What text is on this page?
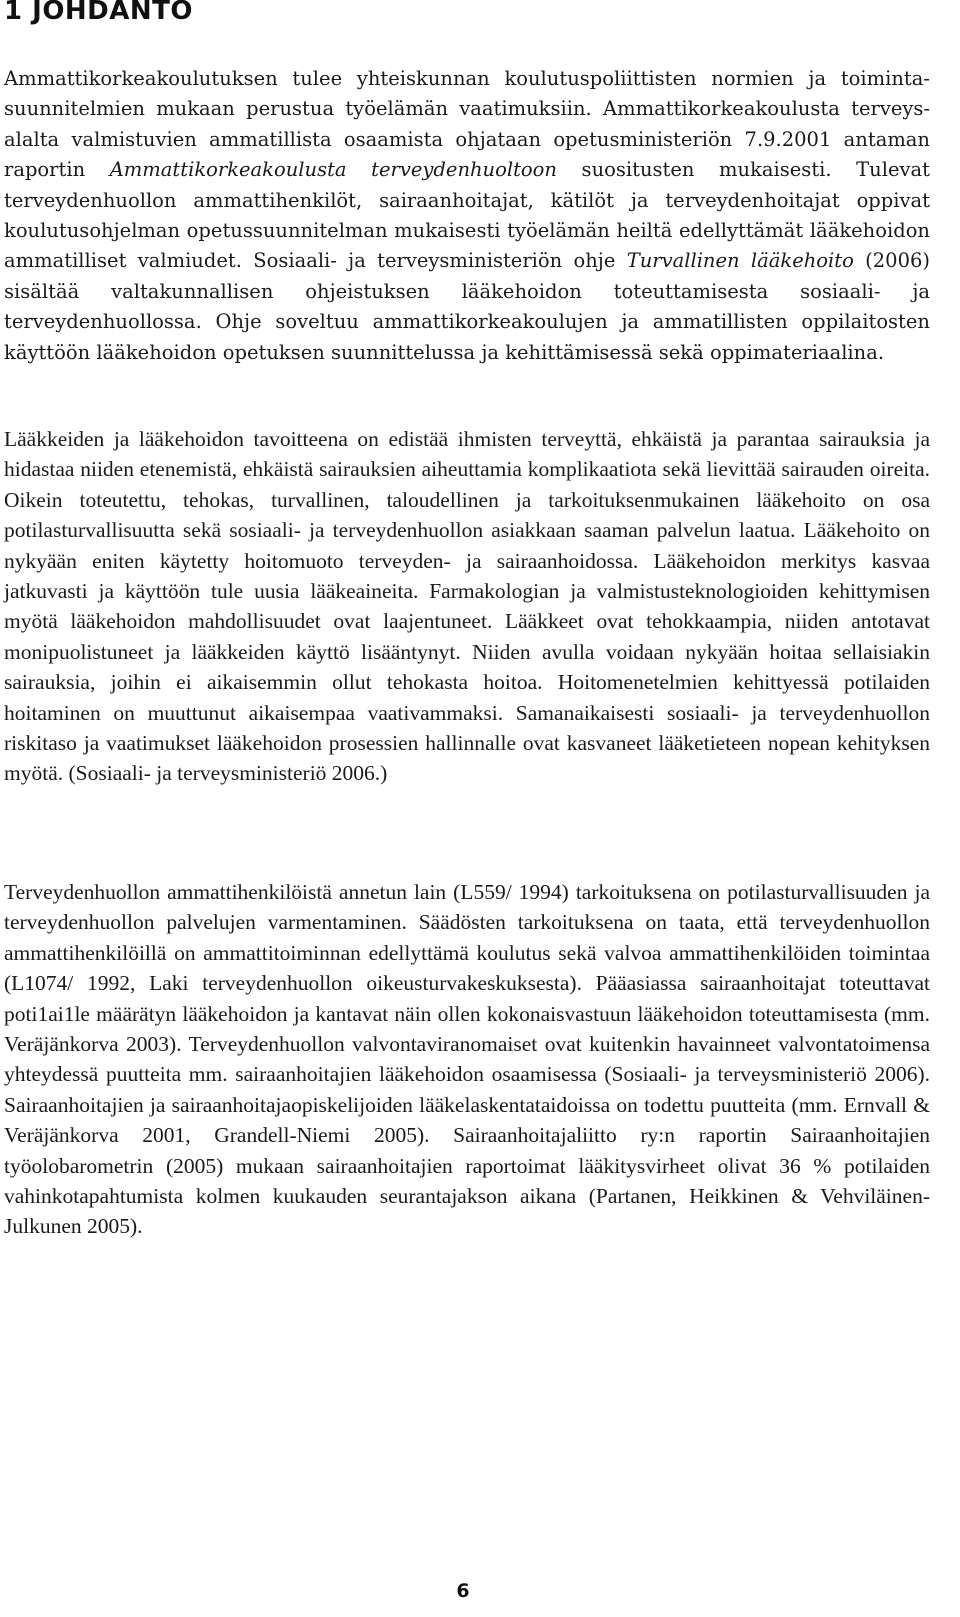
1 JOHDANTO

Ammattikorkeakoulutuksen tulee yhteiskunnan koulutuspoliittisten normien ja toimintasuunnitelmien mukaan perustua työelämän vaatimuksiin. Ammattikorkeakoulusta terveysalalta valmistuvien ammatillista osaamista ohjataan opetusministeriön 7.9.2001 antaman raportin Ammattikorkeakoulusta terveydenhuoltoon suositusten mukaisesti. Tulevat terveydenhuollon ammattihenkilöt, sairaanhoitajat, kätilöt ja terveydenhoitajat oppivat koulutusohjelman opetussuunnitelman mukaisesti työelämän heiltä edellyttämät lääkehoidon ammatilliset valmiudet. Sosiaali- ja terveysministeriön ohje Turvallinen lääkehoito (2006) sisältää valtakunnallisen ohjeistuksen lääkehoidon toteuttamisesta sosiaali- ja terveydenhuollossa. Ohje soveltuu ammattikorkeakoulujen ja ammatillisten oppilaitosten käyttöön lääkehoidon opetuksen suunnittelussa ja kehittämisessä sekä oppimateriaalina.

Lääkkeiden ja lääkehoidon tavoitteena on edistää ihmisten terveyttä, ehkäistä ja parantaa sairauksia ja hidastaa niiden etenemistä, ehkäistä sairauksien aiheuttamia komplikaatiota sekä lievittää sairauden oireita. Oikein toteutettu, tehokas, turvallinen, taloudellinen ja tarkoituksenmukainen lääkehoito on osa potilasturvallisuutta sekä sosiaali- ja terveydenhuollon asiakkaan saaman palvelun laatua. Lääkehoito on nykyään eniten käytetty hoitomuoto terveyden- ja sairaanhoidossa. Lääkehoidon merkitys kasvaa jatkuvasti ja käyttöön tule uusia lääkeaineita. Farmakologian ja valmistusteknologioiden kehittymisen myötä lääkehoidon mahdollisuudet ovat laajentuneet. Lääkkeet ovat tehokkaampia, niiden antotavat monipuolistuneet ja lääkkeiden käyttö lisääntynyt. Niiden avulla voidaan nykyään hoitaa sellaisiakin sairauksia, joihin ei aikaisemmin ollut tehokasta hoitoa. Hoitomenetelmien kehittyessä potilaiden hoitaminen on muuttunut aikaisempaa vaativammaksi. Samanaikaisesti sosiaali- ja terveydenhuollon riskitaso ja vaatimukset lääkehoidon prosessien hallinnalle ovat kasvaneet lääketieteen nopean kehityksen myötä. (Sosiaali- ja terveysministeriö 2006.)

Terveydenhuollon ammattihenkilöistä annetun lain (L559/ 1994) tarkoituksena on potilasturvallisuuden ja terveydenhuollon palvelujen varmentaminen. Säädösten tarkoituksena on taata, että terveydenhuollon ammattihenkilöillä on ammattitoiminnan edellyttämä koulutus sekä valvoa ammattihenkilöiden toimintaa (L1074/ 1992, Laki terveydenhuollon oikeusturvakeskuksesta). Pääasiassa sairaanhoitajat toteuttavat poti1ai1le määrätyn lääkehoidon ja kantavat näin ollen kokonaisvastuun lääkehoidon toteuttamisesta (mm. Veräjänkorva 2003). Terveydenhuollon valvontaviranomaiset ovat kuitenkin havainneet valvontatoimensa yhteydessä puutteita mm. sairaanhoitajien lääkehoidon osaamisessa (Sosiaali- ja terveysministeriö 2006). Sairaanhoitajien ja sairaanhoitajaopiskelijoiden lääkelaskentataidoissa on todettu puutteita (mm. Ernvall & Veräjänkorva 2001, Grandell-Niemi 2005). Sairaanhoitajaliitto ry:n raportin Sairaanhoitajien työolobarometrin (2005) mukaan sairaanhoitajien raportoimat lääkitysvirheet olivat 36 % potilaiden vahinkotapahtumista kolmen kuukauden seurantajakson aikana (Partanen, Heikkinen & Vehviläinen-Julkunen 2005).

6
